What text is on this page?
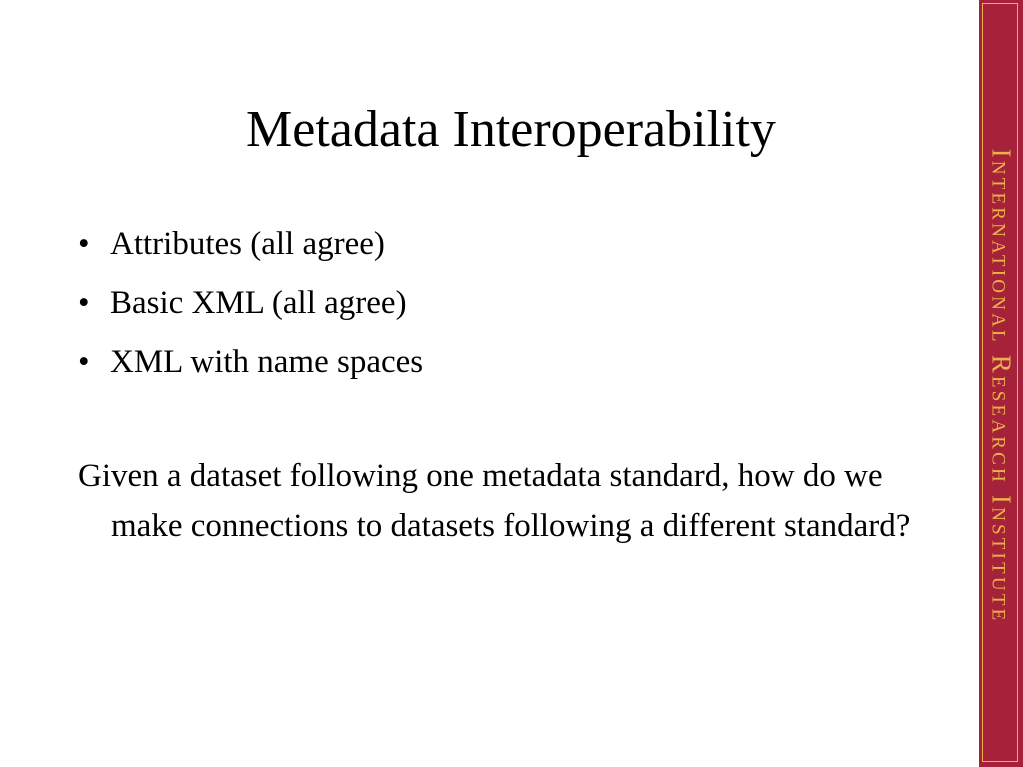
Metadata Interoperability
• Attributes (all agree)
• Basic XML (all agree)
• XML with name spaces

Given a dataset following one metadata standard, how do we make connections to datasets following a different standard?	International Research Institute
